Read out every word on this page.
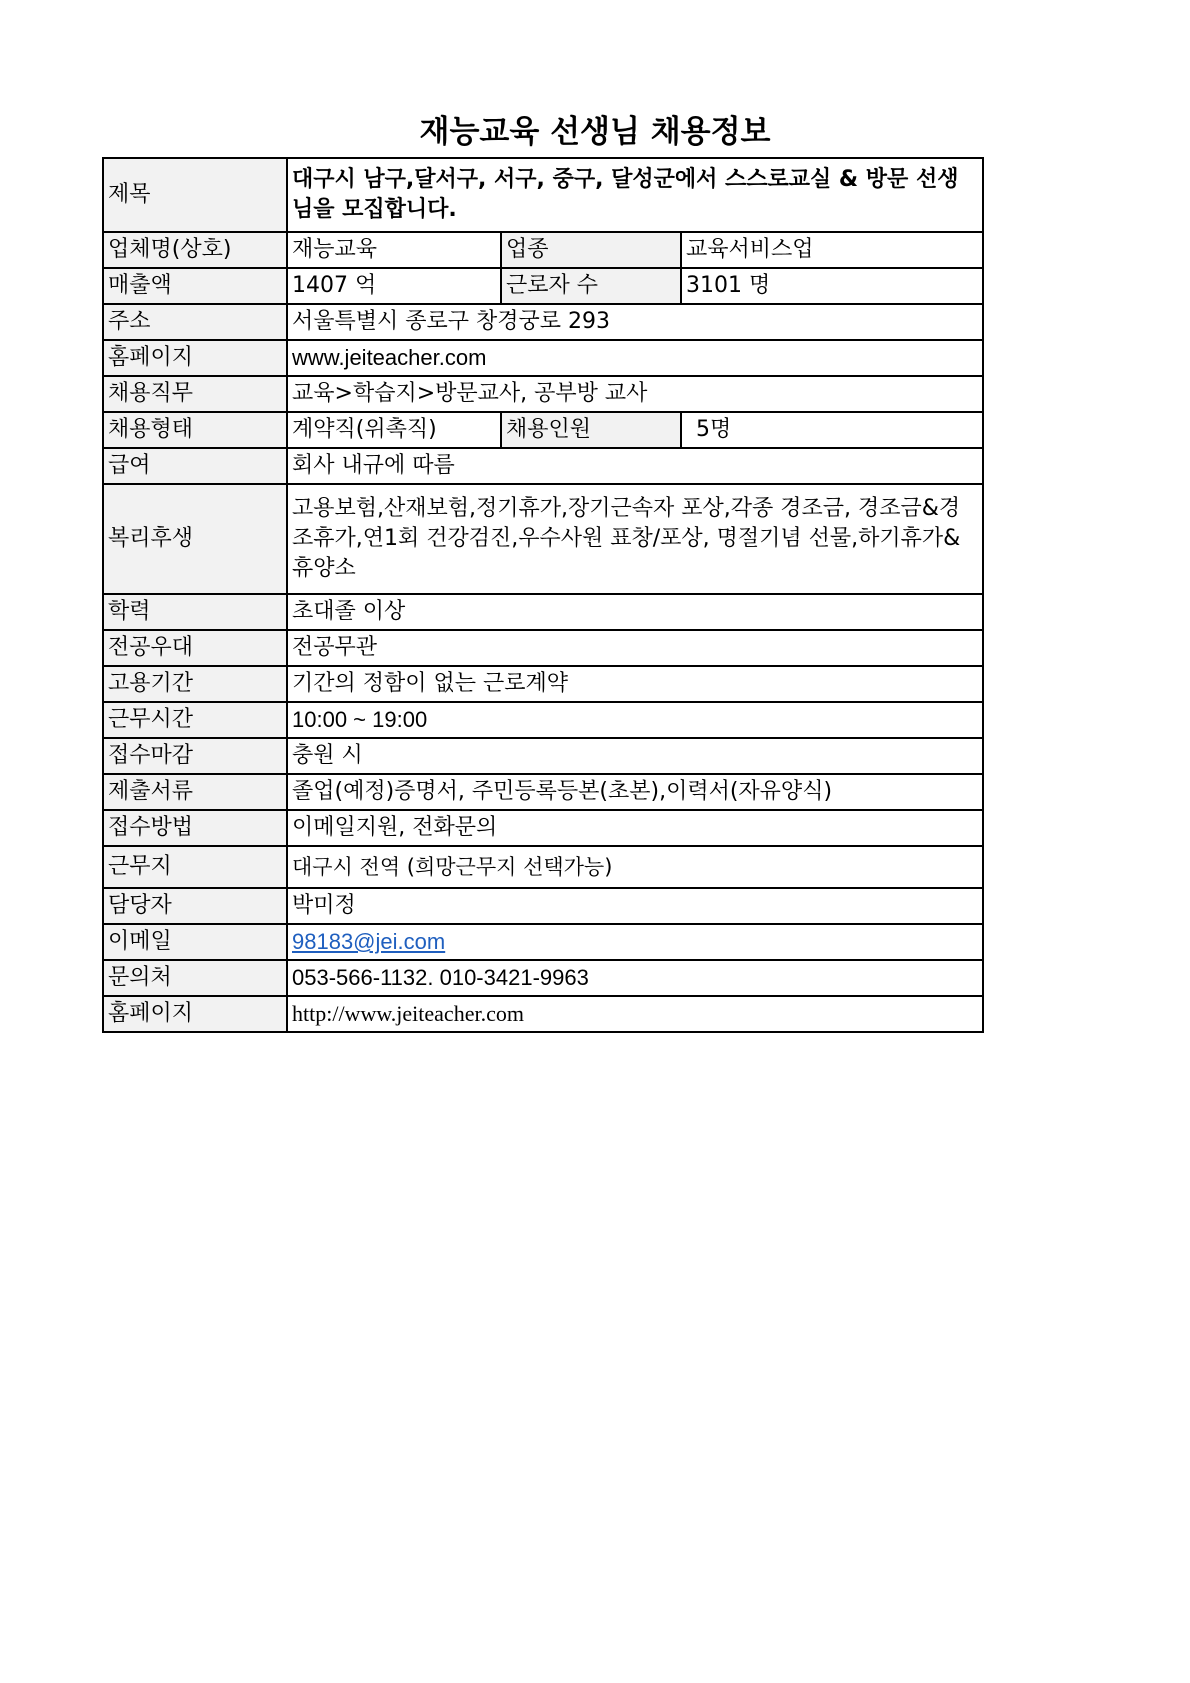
재능교육 선생님 채용정보
제목	대구시 남구,달서구, 서구, 중구, 달성군에서 스스로교실 & 방문 선생님을 모집합니다.		
업체명(상호)	재능교육	업종	교육서비스업
매출액	1407 억	근로자 수	3101 명
주소	서울특별시 종로구 창경궁로 293		
홈페이지	www.jeiteacher.com		
채용직무	교육>학습지>방문교사, 공부방 교사		
채용형태	계약직(위촉직)	채용인원	5명
급여	회사 내규에 따름		
복리후생	고용보험,산재보험,정기휴가,장기근속자 포상,각종 경조금, 경조금&경조휴가,연1회 건강검진,우수사원 표창/포상, 명절기념 선물,하기휴가&휴양소		
학력	초대졸 이상		
전공우대	전공무관		
고용기간	기간의 정함이 없는 근로계약		
근무시간	10:00 ~ 19:00		
접수마감	충원 시		
제출서류	졸업(예정)증명서, 주민등록등본(초본),이력서(자유양식)		
접수방법	이메일지원, 전화문의		
근무지	대구시 전역 (희망근무지 선택가능)		
담당자	박미정		
이메일	98183@jei.com		
문의처	053-566-1132. 010-3421-9963		
홈페이지	http://www.jeiteacher.com		
